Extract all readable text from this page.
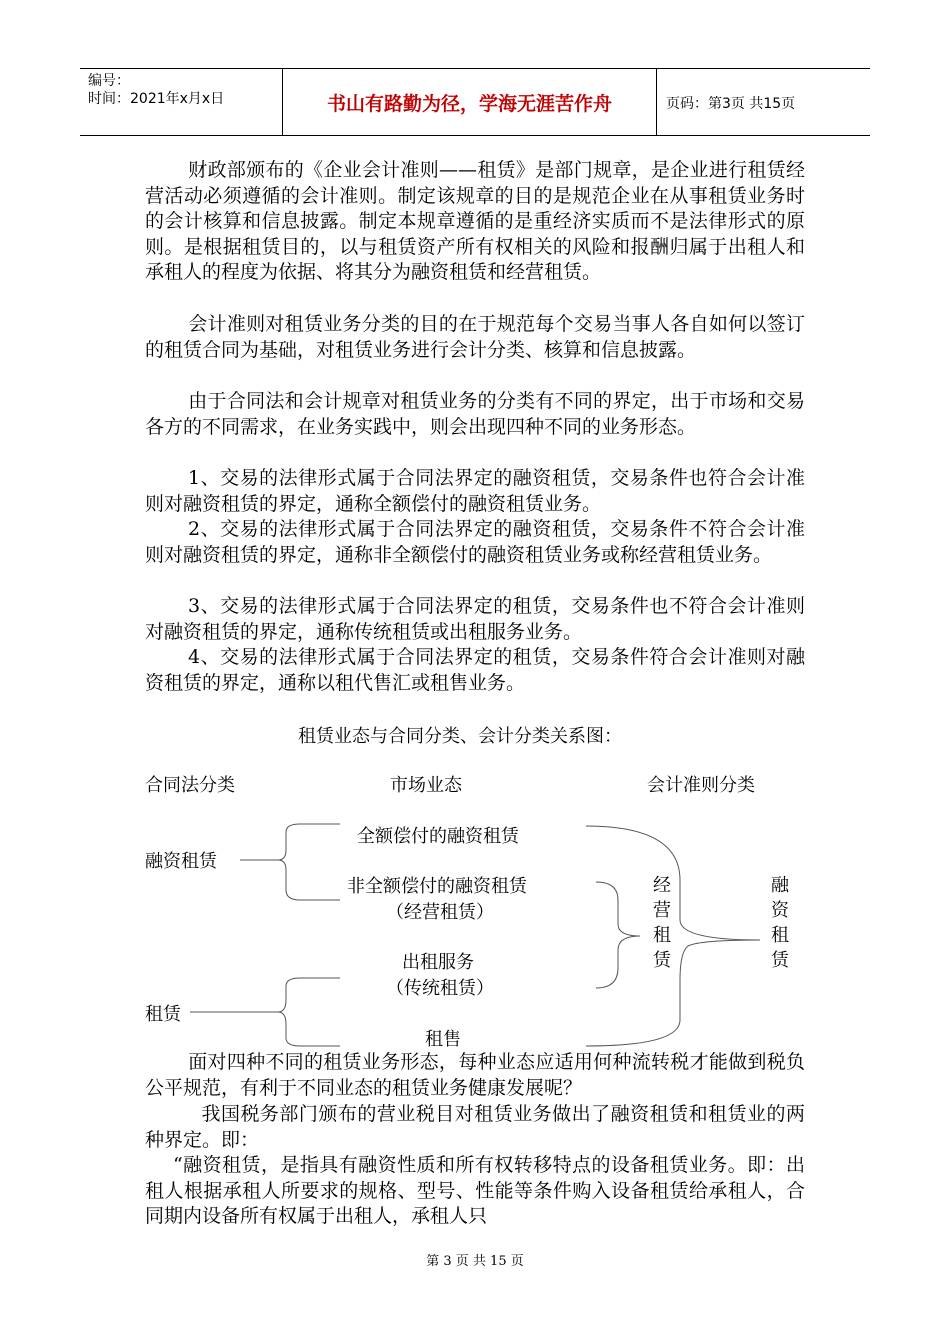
编号：
时间：2021年x月x日	书山有路勤为径，学海无涯苦作舟	页码：第3页 共15页

财政部颁布的《企业会计准则——租赁》是部门规章，是企业进行租赁经营活动必须遵循的会计准则。制定该规章的目的是规范企业在从事租赁业务时的会计核算和信息披露。制定本规章遵循的是重经济实质而不是法律形式的原则。是根据租赁目的，以与租赁资产所有权相关的风险和报酬归属于出租人和承租人的程度为依据、将其分为融资租赁和经营租赁。

会计准则对租赁业务分类的目的在于规范每个交易当事人各自如何以签订的租赁合同为基础，对租赁业务进行会计分类、核算和信息披露。

由于合同法和会计规章对租赁业务的分类有不同的界定，出于市场和交易各方的不同需求，在业务实践中，则会出现四种不同的业务形态。

1、交易的法律形式属于合同法界定的融资租赁，交易条件也符合会计准则对融资租赁的界定，通称全额偿付的融资租赁业务。

2、交易的法律形式属于合同法界定的融资租赁，交易条件不符合会计准则对融资租赁的界定，通称非全额偿付的融资租赁业务或称经营租赁业务。

3、交易的法律形式属于合同法界定的租赁，交易条件也不符合会计准则对融资租赁的界定，通称传统租赁或出租服务业务。

4、交易的法律形式属于合同法界定的租赁，交易条件符合会计准则对融资租赁的界定，通称以租代售汇或租售业务。

租赁业态与合同分类、会计分类关系图：
合同法分类	市场业态	会计准则分类
融资租赁
租赁
全额偿付的融资租赁
非全额偿付的融资租赁
（经营租赁）
出租服务
（传统租赁）
租售
经营租赁
融资租赁

面对四种不同的租赁业务形态，每种业态应适用何种流转税才能做到税负公平规范，有利于不同业态的租赁业务健康发展呢？

我国税务部门颁布的营业税目对租赁业务做出了融资租赁和租赁业的两种界定。即：

“融资租赁，是指具有融资性质和所有权转移特点的设备租赁业务。即：出租人根据承租人所要求的规格、型号、性能等条件购入设备租赁给承租人，合同期内设备所有权属于出租人，承租人只

第 3 页 共 15 页
